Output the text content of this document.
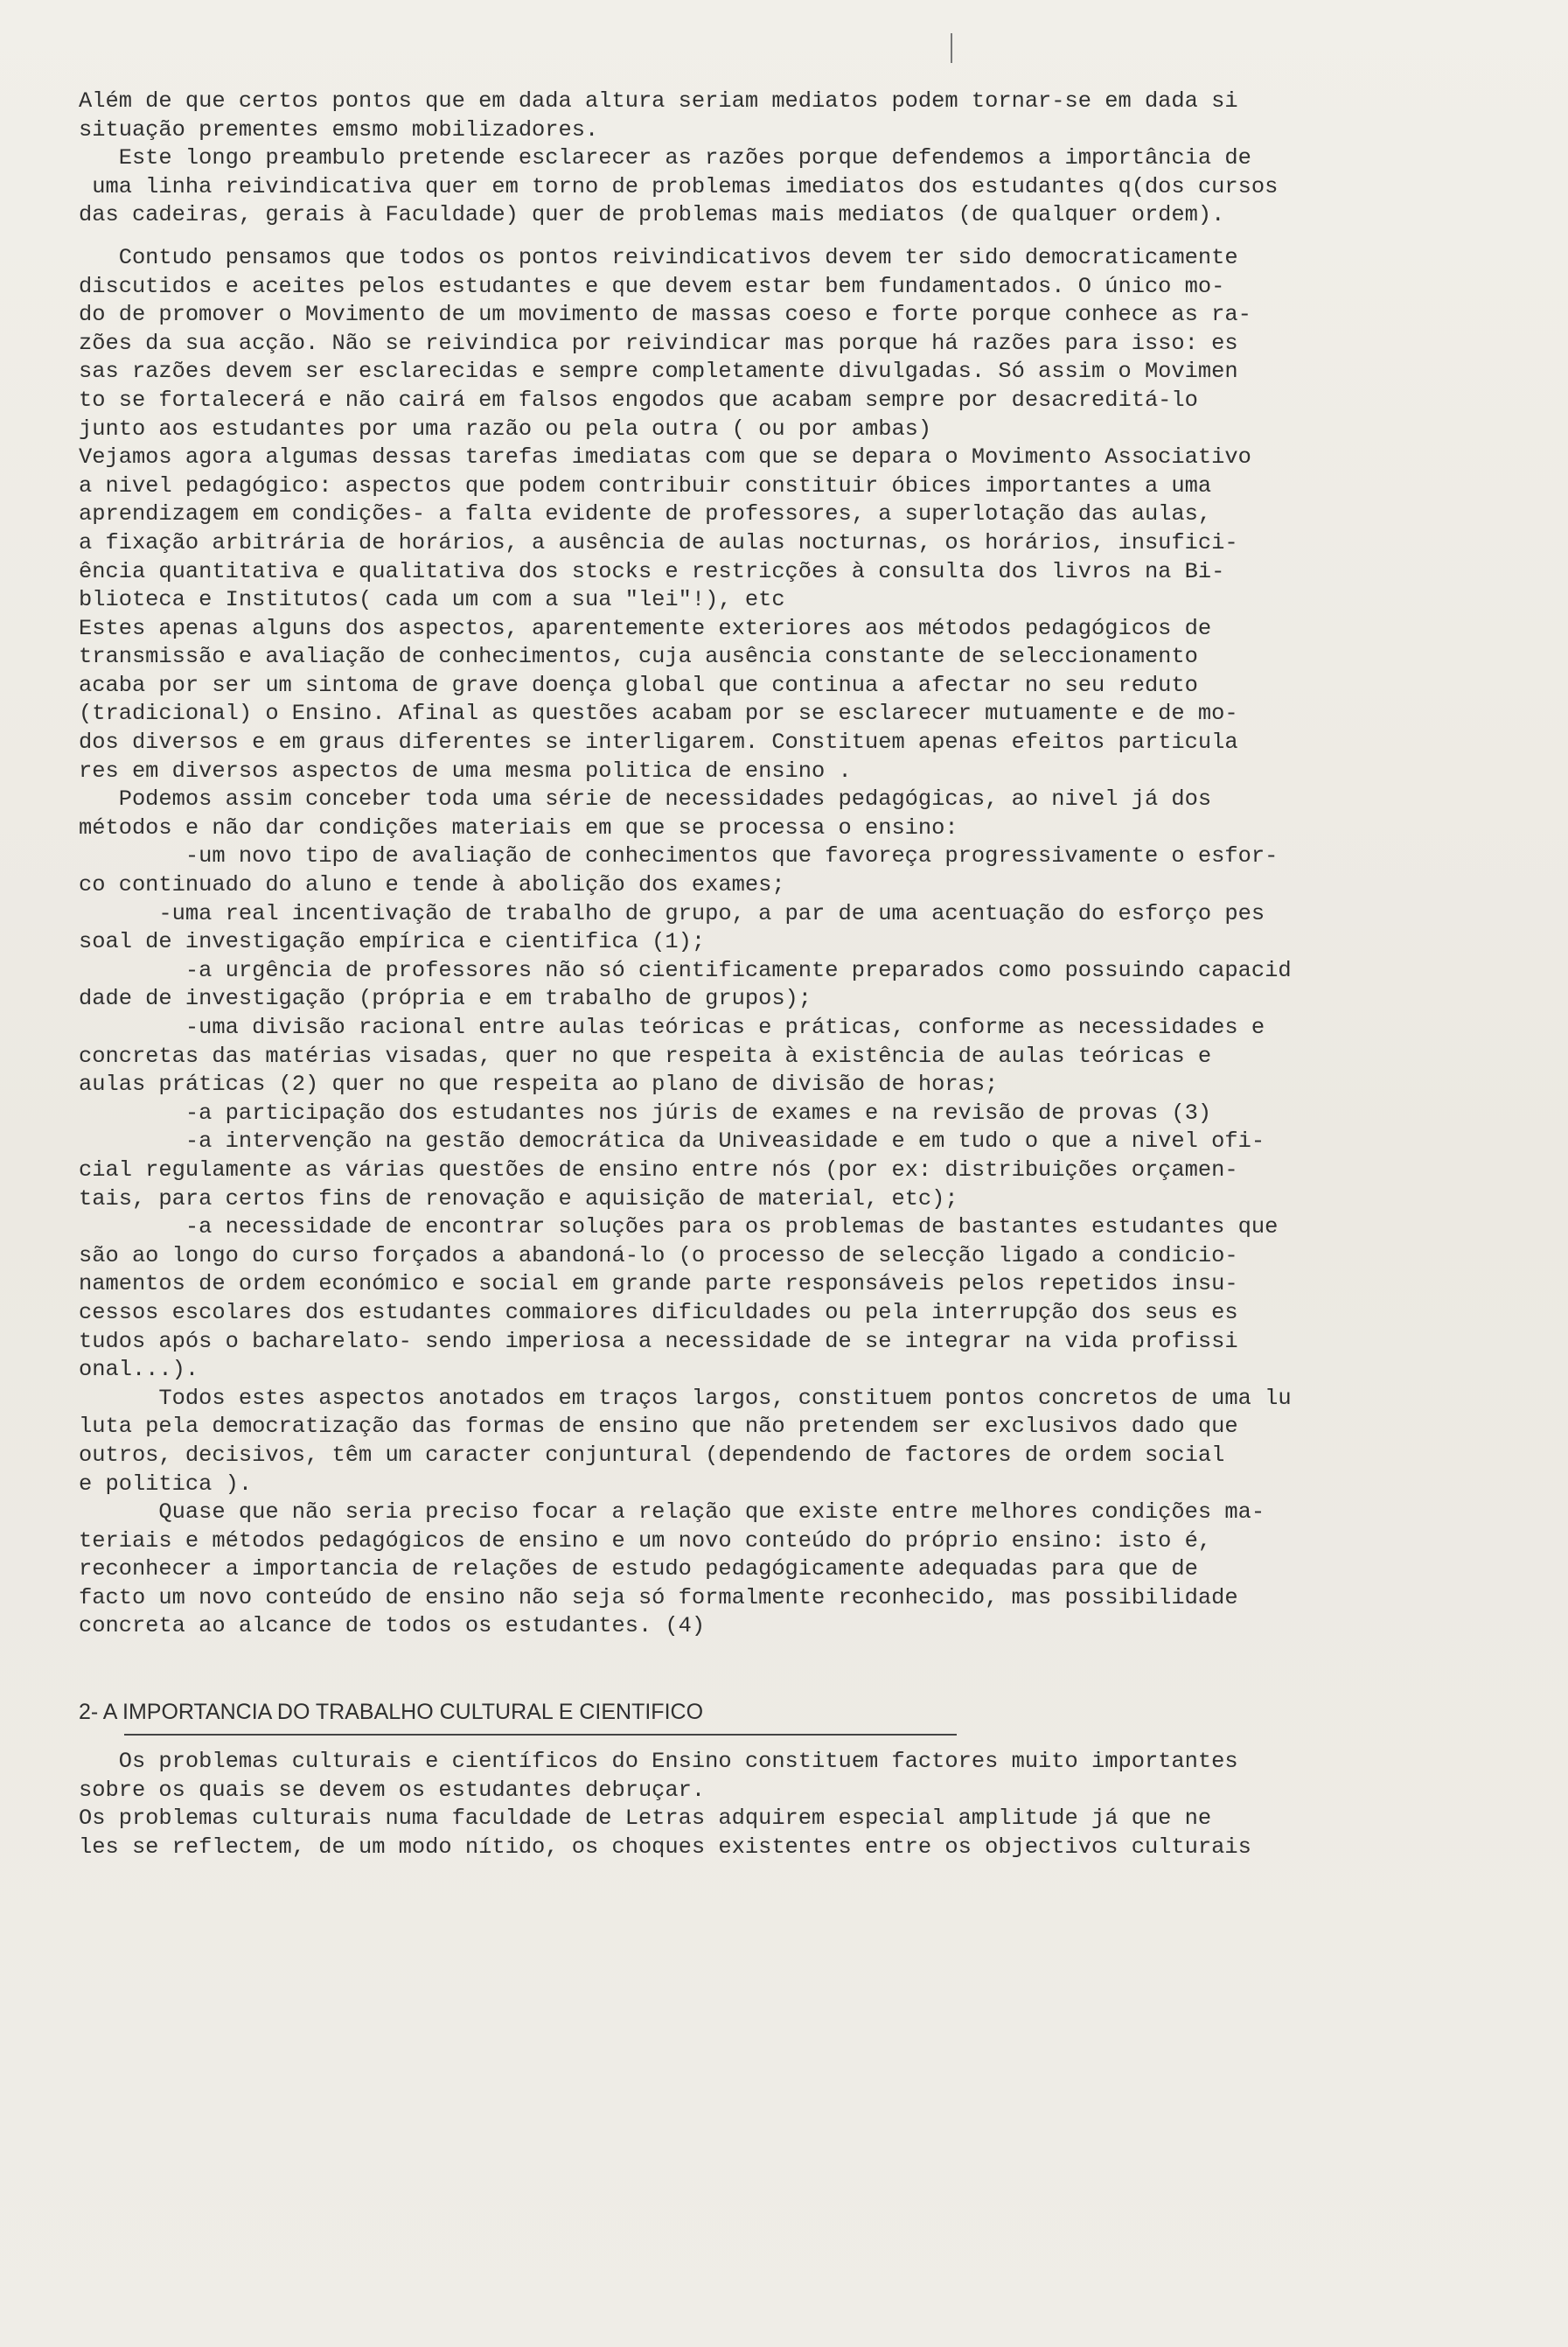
Além de que certos pontos que em dada altura seriam mediatos podem tornar-se em dada si
situação prementes emsmo mobilizadores.
Este longo preambulo pretende esclarecer as razões porque defendemos a importância de
uma linha reivindicativa quer em torno de problemas imediatos dos estudantes q(dos cursos
das cadeiras, gerais à Faculdade) quer de problemas mais mediatos (de qualquer ordem).
Contudo pensamos que todos os pontos reivindicativos devem ter sido democraticamente
discutidos e aceites pelos estudantes e que devem estar bem fundamentados. O único mo-
do de promover o Movimento de um movimento de massas coeso e forte porque conhece as ra-
zões da sua acção. Não se reivindica por reivindicar mas porque há razões para isso: es
sas razões devem ser esclarecidas e sempre completamente divulgadas. Só assim o Movimen
to se fortalecerá e não cairá em falsos engodos que acabam sempre por desacreditá-lo
junto aos estudantes por uma razão ou pela outra ( ou por ambas)
Vejamos agora algumas dessas tarefas imediatas com que se depara o Movimento Associativo
a nivel pedagógico: aspectos que podem contribuir constituir óbices importantes a uma
aprendizagem em condições- a falta evidente de professores, a superlotação das aulas,
a fixação arbitrária de horários, a ausência de aulas nocturnas, os horários, insufici-
ência quantitativa e qualitativa dos stocks e restricções à consulta dos livros na Bi-
blioteca e Institutos( cada um com a sua "lei"!), etc
Estes apenas alguns dos aspectos, aparentemente exteriores aos métodos pedagógicos de
transmissão e avaliação de conhecimentos, cuja ausência constante de seleccionamento
acaba por ser um sintoma de grave doença global que continua a afectar no seu reduto
(tradicional) o Ensino. Afinal as questões acabam por se esclarecer mutuamente e de mo-
dos diversos e em graus diferentes se interligarem. Constituem apenas efeitos particula
res em diversos aspectos de uma mesma politica de ensino .
Podemos assim conceber toda uma série de necessidades pedagógicas, ao nivel já dos
métodos e não dar condições materiais em que se processa o ensino:
-um novo tipo de avaliação de conhecimentos que favoreça progressivamente o esfor-
co continuado do aluno e tende à abolição dos exames;
-uma real incentivação de trabalho de grupo, a par de uma acentuação do esforço pes
soal de investigação empírica e cientifica (1);
-a urgência de professores não só cientificamente preparados como possuindo capacid
dade de investigação (própria e em trabalho de grupos);
-uma divisão racional entre aulas teóricas e práticas, conforme as necessidades e
concretas das matérias visadas, quer no que respeita à existência de aulas teóricas e
aulas práticas (2) quer no que respeita ao plano de divisão de horas;
-a participação dos estudantes nos júris de exames e na revisão de provas (3)
-a intervenção na gestão democrática da Univeasidade e em tudo o que a nivel ofi-
cial regulamente as várias questões de ensino entre nós (por ex: distribuições orçamen-
tais, para certos fins de renovação e aquisição de material, etc);
-a necessidade de encontrar soluções para os problemas de bastantes estudantes que
são ao longo do curso forçados a abandoná-lo (o processo de selecção ligado a condicio-
namentos de ordem económico e social em grande parte responsáveis pelos repetidos insu-
cessos escolares dos estudantes commaiores dificuldades ou pela interrupção dos seus es
tudos após o bacharelato- sendo imperiosa a necessidade de se integrar na vida profissi
onal...).
Todos estes aspectos anotados em traços largos, constituem pontos concretos de uma lu
luta pela democratização das formas de ensino que não pretendem ser exclusivos dado que
outros, decisivos, têm um caracter conjuntural (dependendo de factores de ordem social
e politica ).
Quase que não seria preciso focar a relação que existe entre melhores condições ma-
teriais e métodos pedagógicos de ensino e um novo conteúdo do próprio ensino: isto é,
reconhecer a importancia de relações de estudo pedagógicamente adequadas para que de
facto um novo conteúdo de ensino não seja só formalmente reconhecido, mas possibilidade
concreta ao alcance de todos os estudantes. (4)
2- A IMPORTANCIA DO TRABALHO CULTURAL E CIENTIFICO
Os problemas culturais e científicos do Ensino constituem factores muito importantes
sobre os quais se devem os estudantes debruçar.
Os problemas culturais numa faculdade de Letras adquirem especial amplitude já que ne
les se reflectem, de um modo nítido, os choques existentes entre os objectivos culturais
